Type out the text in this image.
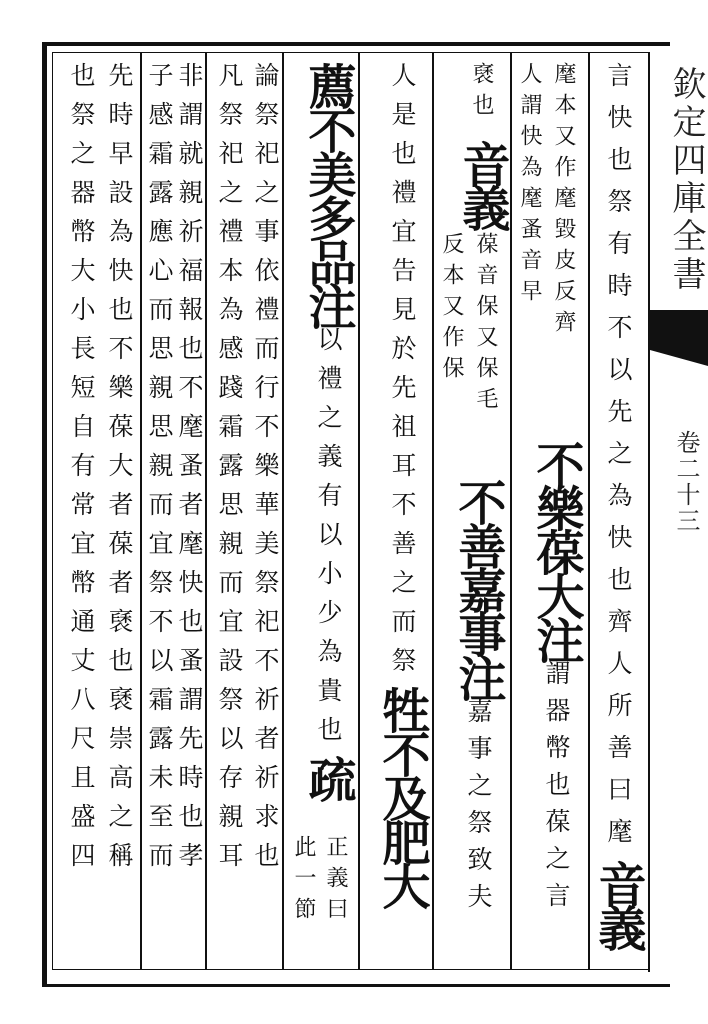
欽定四庫全書
卷二十三
言快也祭有時不以先之為快也齊人所善曰麾音義
麾本又作麾毀皮反齊
人謂快為麾蚤音早
不樂葆大注謂器幣也葆之言
褎也
音義
葆音保又保毛
反本又作保
不善嘉事注嘉事之祭致夫
人是也禮宜告見於先祖耳不善之而祭牲不及肥大
薦不美多品注以禮之義有以小少為貴也疏
正義曰
此一節
論祭祀之事依禮而行不樂華美祭祀不祈者祈求也
凡祭祀之禮本為感踐霜露思親而宜設祭以存親耳
非謂就親祈福報也不麾蚤者麾快也蚤謂先時也孝
子感霜露應心而思親思親而宜祭不以霜露未至而
先時早設為快也不樂葆大者葆者褎也褎崇高之稱
也祭之器幣大小長短自有常宜幣通丈八尺且盛四
